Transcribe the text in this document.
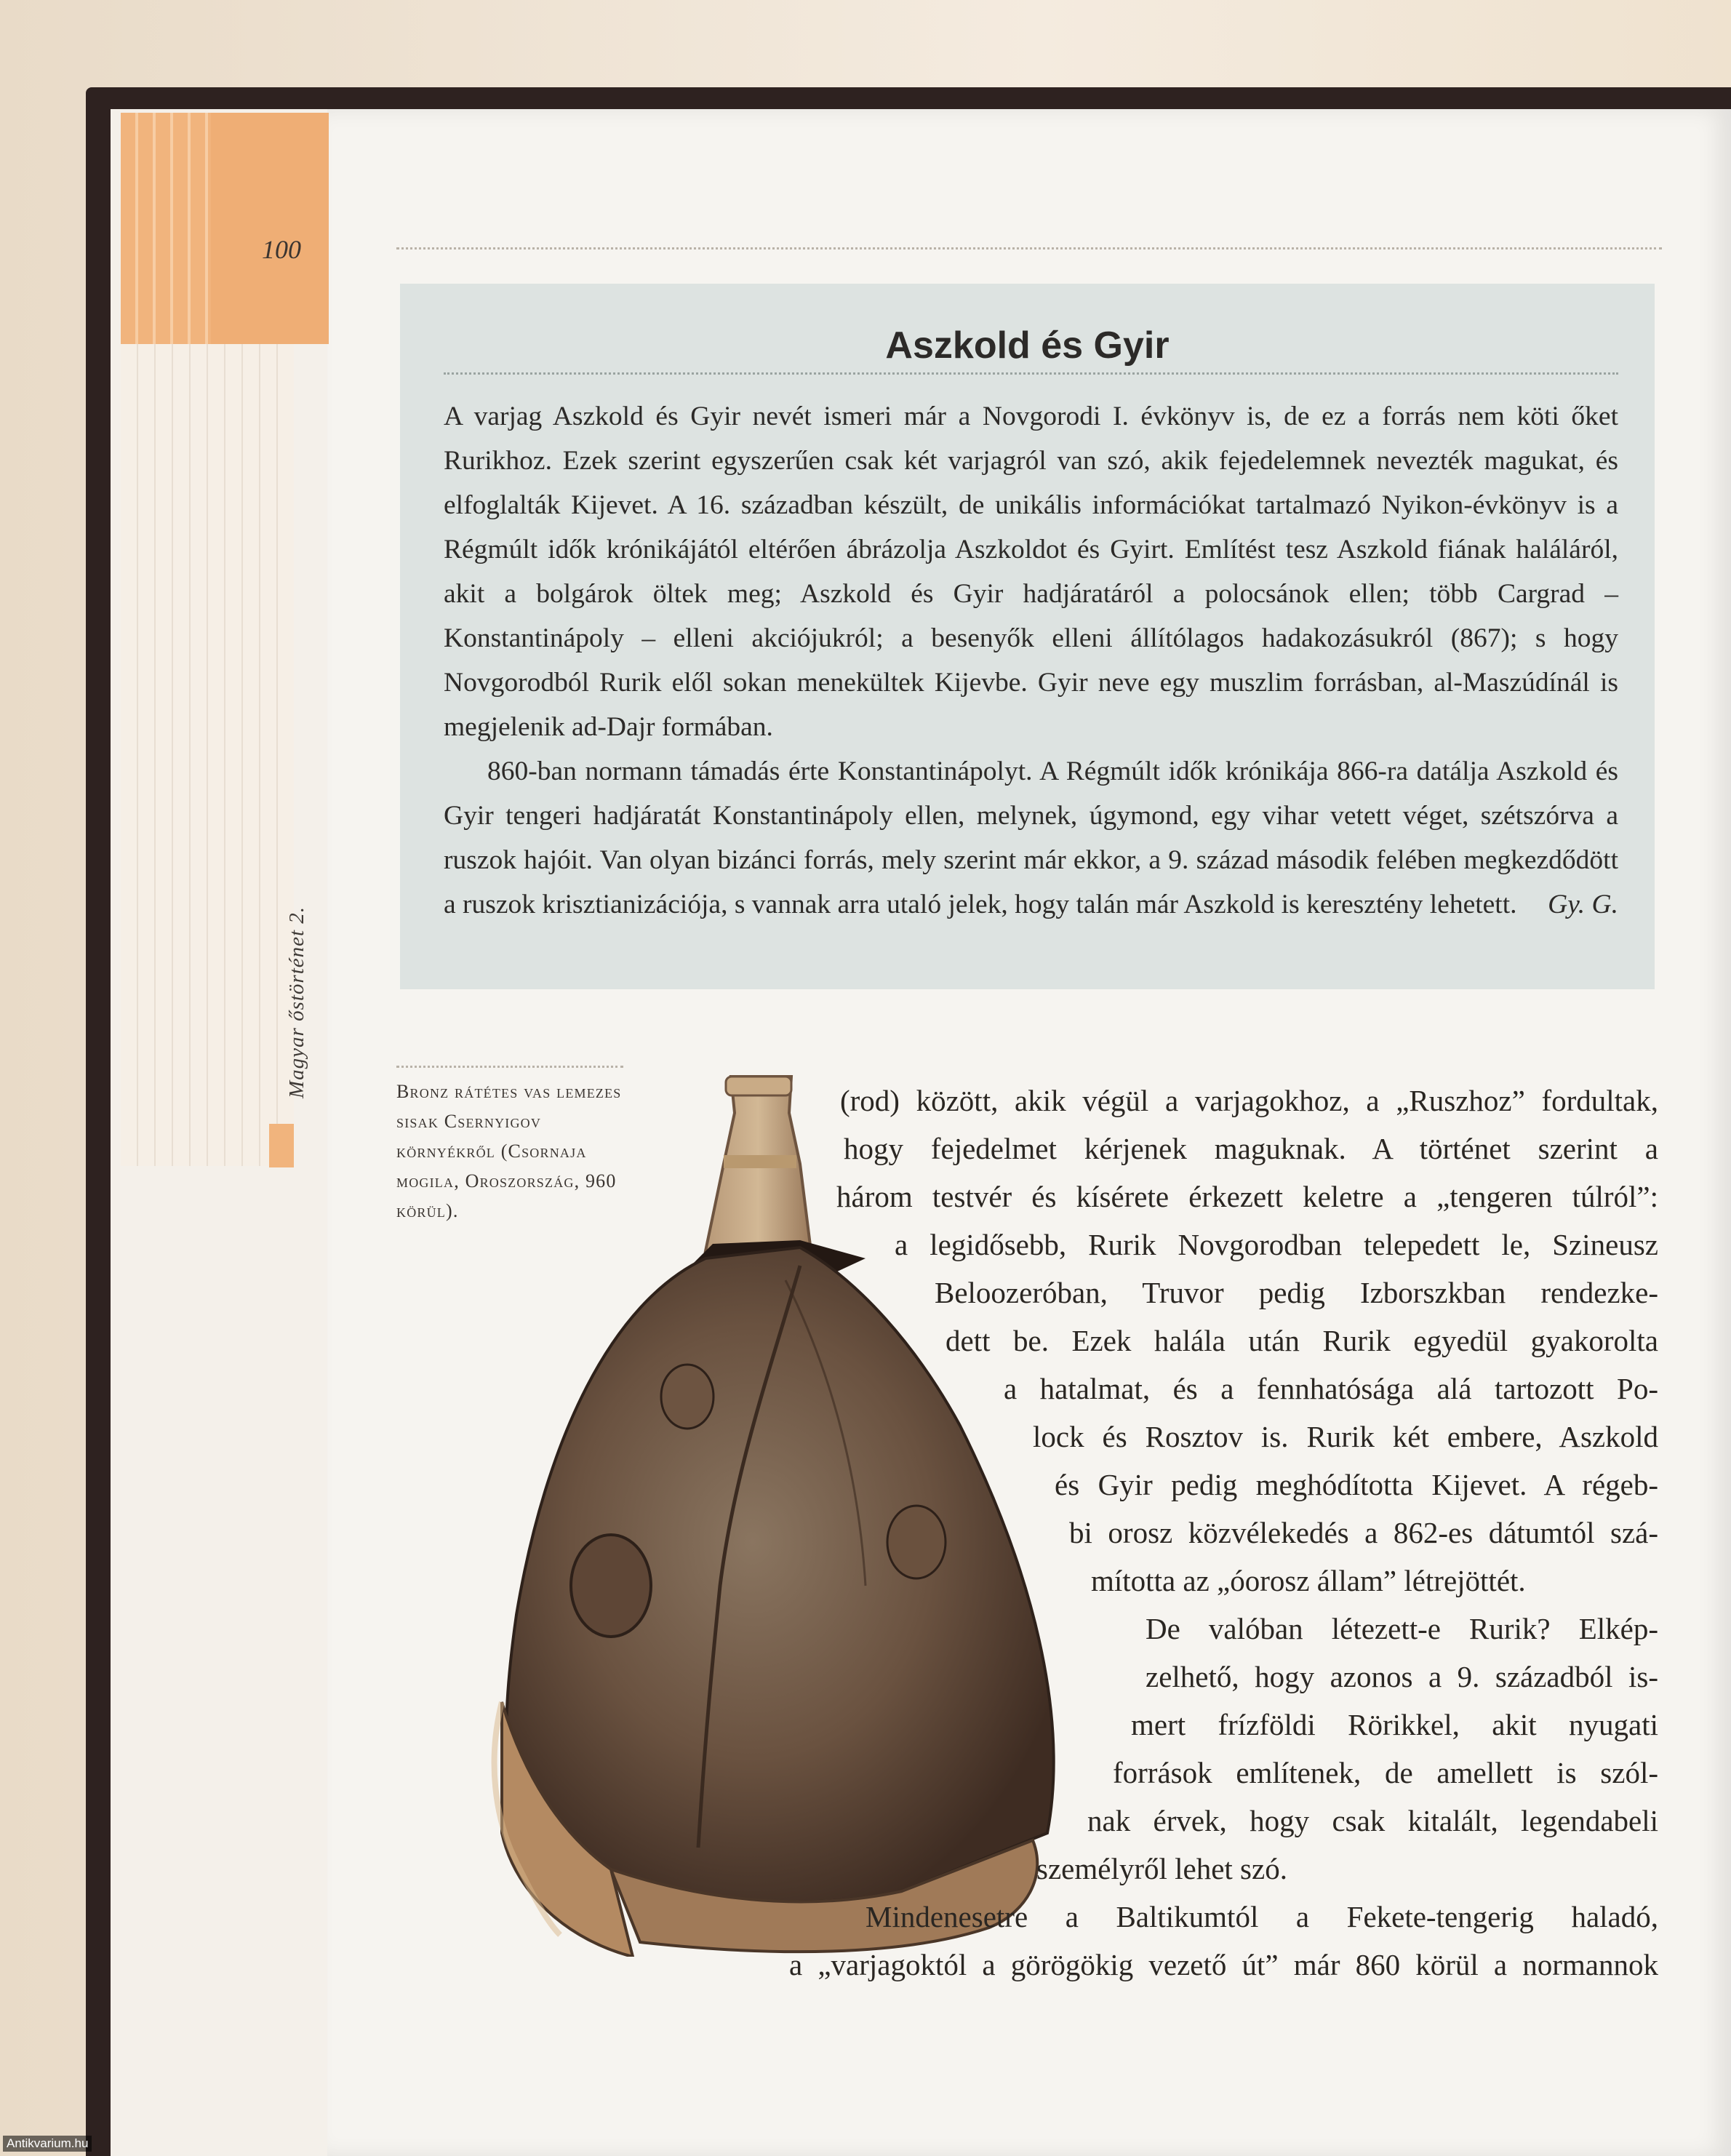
100
Magyar őstörténet 2.
Aszkold és Gyir

A varjag Aszkold és Gyir nevét ismeri már a Novgorodi I. évkönyv is, de ez a forrás nem köti őket Rurikhoz. Ezek szerint egyszerűen csak két varjagról van szó, akik fejedelemnek nevezték magukat, és elfoglalták Kijevet. A 16. században készült, de unikális információkat tartalmazó Nyikon-évkönyv is a Régmúlt idők krónikájától eltérően ábrázolja Aszkoldot és Gyirt. Említést tesz Aszkold fiának haláláról, akit a bolgárok öltek meg; Aszkold és Gyir hadjáratáról a polocsánok ellen; több Cargrad – Konstantinápoly – elleni akciójukról; a besenyők elleni állítólagos hadakozásukról (867); s hogy Novgorodból Rurik elől sokan menekültek Kijevbe. Gyir neve egy muszlim forrásban, al-Maszúdínál is megjelenik ad-Dajr formában.

860-ban normann támadás érte Konstantinápolyt. A Régmúlt idők krónikája 866-ra datálja Aszkold és Gyir tengeri hadjáratát Konstantinápoly ellen, melynek, úgymond, egy vihar vetett véget, szétszórva a ruszok hajóit. Van olyan bizánci forrás, mely szerint már ekkor, a 9. század második felében megkezdődött a ruszok krisztianizációja, s vannak arra utaló jelek, hogy talán már Aszkold is keresztény lehetett.	Gy. G.
Bronz rátétes vas lemezes sisak Csernyigov környékről (Csornaja mogila, Oroszország, 960 körül).
(rod) között, akik végül a varjagokhoz, a „Ruszhoz” fordultak,
hogy fejedelmet kérjenek maguknak. A történet szerint a
három testvér és kísérete érkezett keletre a „tengeren túlról”:
a legidősebb, Rurik Novgorodban telepedett le, Szineusz
Beloozeróban, Truvor pedig Izborszkban rendezke-
dett be. Ezek halála után Rurik egyedül gyakorolta
a hatalmat, és a fennhatósága alá tartozott Po-
lock és Rosztov is. Rurik két embere, Aszkold
és Gyir pedig meghódította Kijevet. A régeb-
bi orosz közvélekedés a 862-es dátumtól szá-
mította az „óorosz állam” létrejöttét.
De valóban létezett-e Rurik? Elkép-
zelhető, hogy azonos a 9. századból is-
mert frízföldi Rörikkel, akit nyugati
források említenek, de amellett is szól-
nak érvek, hogy csak kitalált, legendabeli
személyről lehet szó.
Mindenesetre a Baltikumtól a Fekete-tengerig haladó,
a „varjagoktól a görögökig vezető út” már 860 körül a normannok
Antikvarium.hu
